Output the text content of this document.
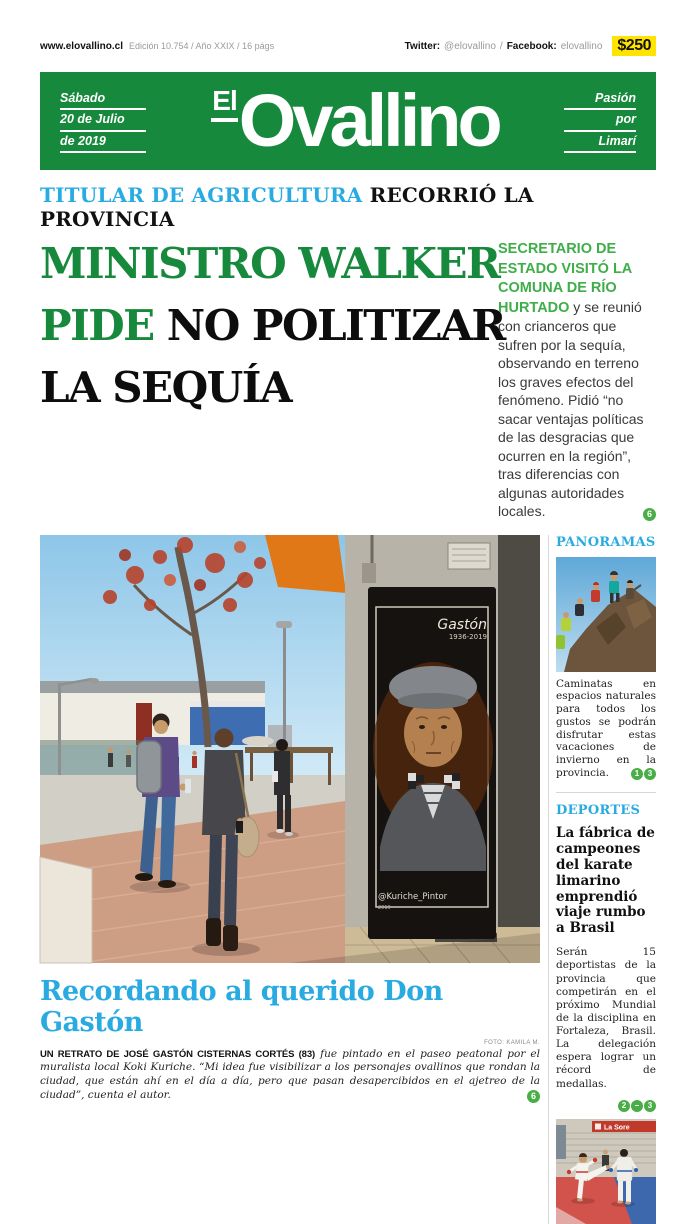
www.elovallino.cl Edición 10.754 / Año XXIX / 16 págs	Twitter: @elovallino / Facebook: elovallino $250
Sábado
20 de Julio
de 2019
El Ovallino	Pasión
por
Limarí
TITULAR DE AGRICULTURA RECORRIÓ LA PROVINCIA
MINISTRO WALKER
PIDE NO POLITIZAR
LA SEQUÍA
SECRETARIO DE ESTADO VISITÓ LA COMUNA DE RÍO HURTADO y se reunió con crianceros que sufren por la sequía, observando en terreno los graves efectos del fenómeno. Pidió “no sacar ventajas políticas de las desgracias que ocurren en la región”, tras diferencias con algunas autoridades locales.	6
Gastón
1936-2019
@Kuriche_Pintor
2019
Recordando al querido Don Gastón
FOTO: KAMILA M.
UN RETRATO DE JOSÉ GASTÓN CISTERNAS CORTÉS (83) fue pintado en el paseo peatonal por el muralista local Koki Kuriche. “Mi idea fue visibilizar a los personajes ovallinos que rondan la ciudad, que están ahí en el día a día, pero que pasan desapercibidos en el ajetreo de la ciudad”, cuenta el autor.	6
PANORAMAS
Caminatas en espacios naturales para todos los gustos se podrán disfrutar estas vacaciones de invierno en la provincia.	1	3
DEPORTES
La fábrica de campeones del karate limarino emprendió viaje rumbo a Brasil
Serán 15 deportistas de la provincia que competirán en el próximo Mundial de la disciplina en Fortaleza, Brasil. La delegación espera lograr un récord de medallas.
2	–	3
La Sore
